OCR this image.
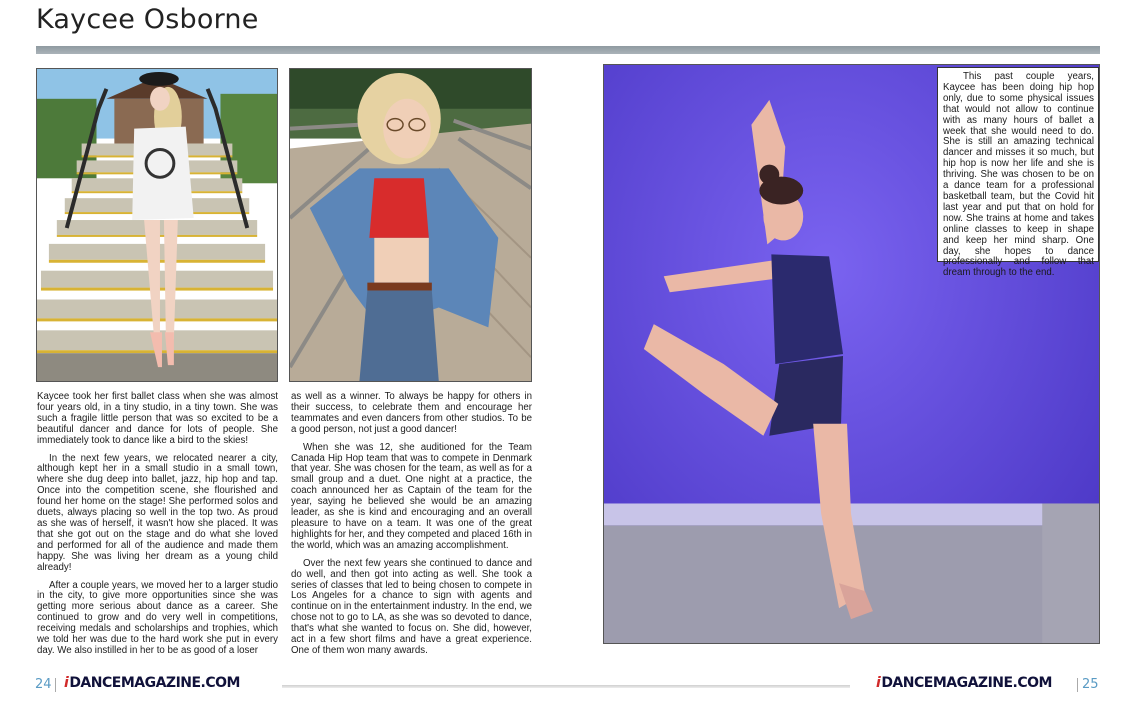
Kaycee Osborne

Kaycee took her first ballet class when she was almost four years old, in a tiny studio, in a tiny town. She was such a fragile little person that was so excited to be a beautiful dancer and dance for lots of people. She immediately took to dance like a bird to the skies!

In the next few years, we relocated nearer a city, although kept her in a small studio in a small town, where she dug deep into ballet, jazz, hip hop and tap. Once into the competition scene, she flourished and found her home on the stage! She performed solos and duets, always placing so well in the top two. As proud as she was of herself, it wasn't how she placed. It was that she got out on the stage and do what she loved and performed for all of the audience and made them happy. She was living her dream as a young child already!

After a couple years, we moved her to a larger studio in the city, to give more opportunities since she was getting more serious about dance as a career. She continued to grow and do very well in competitions, receiving medals and scholarships and trophies, which we told her was due to the hard work she put in every day. We also instilled in her to be as good of a loser

as well as a winner. To always be happy for others in their success, to celebrate them and encourage her teammates and even dancers from other studios. To be a good person, not just a good dancer!

When she was 12, she auditioned for the Team Canada Hip Hop team that was to compete in Denmark that year. She was chosen for the team, as well as for a small group and a duet. One night at a practice, the coach announced her as Captain of the team for the year, saying he believed she would be an amazing leader, as she is kind and encouraging and an overall pleasure to have on a team. It was one of the great highlights for her, and they competed and placed 16th in the world, which was an amazing accomplishment.

Over the next few years she continued to dance and do well, and then got into acting as well. She took a series of classes that led to being chosen to compete in Los Angeles for a chance to sign with agents and continue on in the entertainment industry. In the end, we chose not to go to LA, as she was so devoted to dance, that's what she wanted to focus on. She did, however, act in a few short films and have a great experience. One of them won many awards.

This past couple years, Kaycee has been doing hip hop only, due to some physical issues that would not allow to continue with as many hours of ballet a week that she would need to do. She is still an amazing technical dancer and misses it so much, but hip hop is now her life and she is thriving. She was chosen to be on a dance team for a professional basketball team, but the Covid hit last year and put that on hold for now. She trains at home and takes online classes to keep in shape and keep her mind sharp. One day, she hopes to dance professionally and follow that dream through to the end.

24 iDANCEMAGAZINE.COM	iDANCEMAGAZINE.COM 25
